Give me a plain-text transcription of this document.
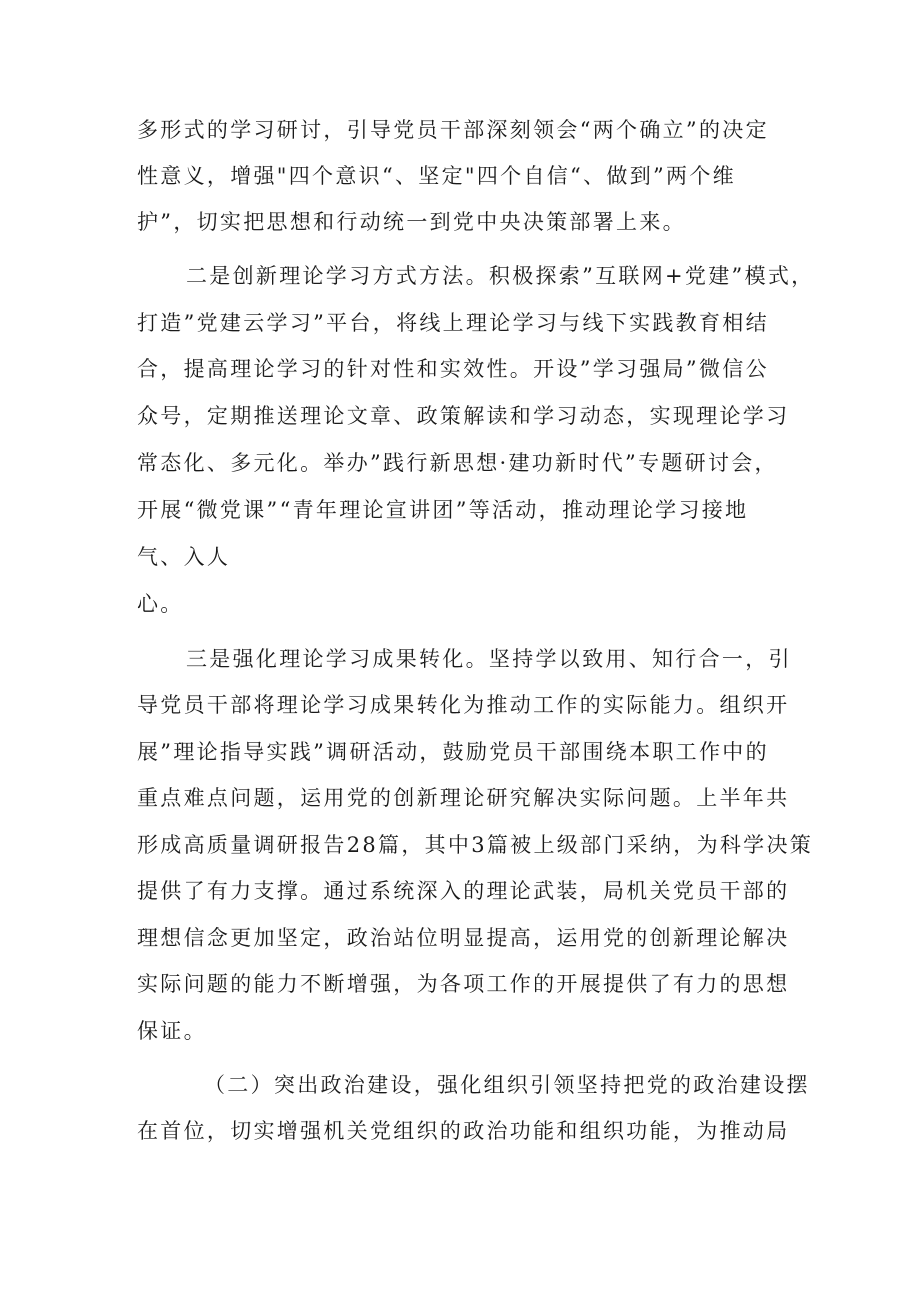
多形式的学习研讨，引导党员干部深刻领会“两个确立”的决定
性意义，增强"四个意识“、坚定"四个自信“、做到”两个维
护”，切实把思想和行动统一到党中央决策部署上来。
二是创新理论学习方式方法。积极探索”互联网+党建”模式，
打造”党建云学习”平台，将线上理论学习与线下实践教育相结
合，提高理论学习的针对性和实效性。开设”学习强局”微信公
众号，定期推送理论文章、政策解读和学习动态，实现理论学习
常态化、多元化。举办”践行新思想·建功新时代”专题研讨会，
开展“微党课”“青年理论宣讲团”等活动，推动理论学习接地
气、入人
心。
三是强化理论学习成果转化。坚持学以致用、知行合一，引
导党员干部将理论学习成果转化为推动工作的实际能力。组织开
展”理论指导实践”调研活动，鼓励党员干部围绕本职工作中的
重点难点问题，运用党的创新理论研究解决实际问题。上半年共
形成高质量调研报告28篇，其中3篇被上级部门采纳，为科学决策
提供了有力支撑。通过系统深入的理论武装，局机关党员干部的
理想信念更加坚定，政治站位明显提高，运用党的创新理论解决
实际问题的能力不断增强，为各项工作的开展提供了有力的思想
保证。
（二）突出政治建设，强化组织引领坚持把党的政治建设摆
在首位，切实增强机关党组织的政治功能和组织功能，为推动局
